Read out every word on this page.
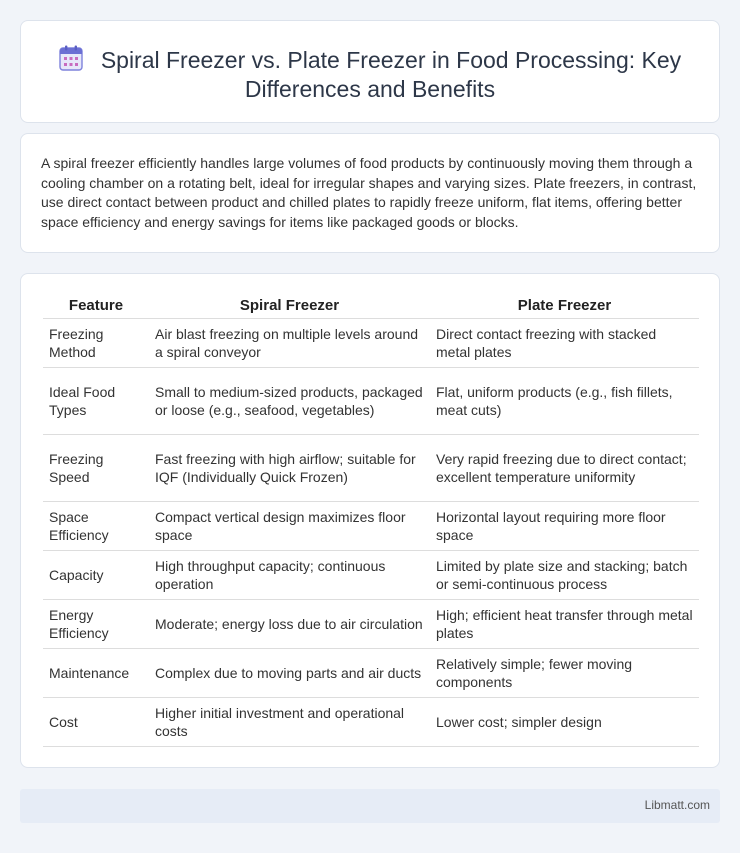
Spiral Freezer vs. Plate Freezer in Food Processing: Key Differences and Benefits

A spiral freezer efficiently handles large volumes of food products by continuously moving them through a cooling chamber on a rotating belt, ideal for irregular shapes and varying sizes. Plate freezers, in contrast, use direct contact between product and chilled plates to rapidly freeze uniform, flat items, offering better space efficiency and energy savings for items like packaged goods or blocks.

Feature	Spiral Freezer	Plate Freezer
Freezing Method	Air blast freezing on multiple levels around a spiral conveyor	Direct contact freezing with stacked metal plates
Ideal Food Types	Small to medium-sized products, packaged or loose (e.g., seafood, vegetables)	Flat, uniform products (e.g., fish fillets, meat cuts)
Freezing Speed	Fast freezing with high airflow; suitable for IQF (Individually Quick Frozen)	Very rapid freezing due to direct contact; excellent temperature uniformity
Space Efficiency	Compact vertical design maximizes floor space	Horizontal layout requiring more floor space
Capacity	High throughput capacity; continuous operation	Limited by plate size and stacking; batch or semi-continuous process
Energy Efficiency	Moderate; energy loss due to air circulation	High; efficient heat transfer through metal plates
Maintenance	Complex due to moving parts and air ducts	Relatively simple; fewer moving components
Cost	Higher initial investment and operational costs	Lower cost; simpler design
Libmatt.com
